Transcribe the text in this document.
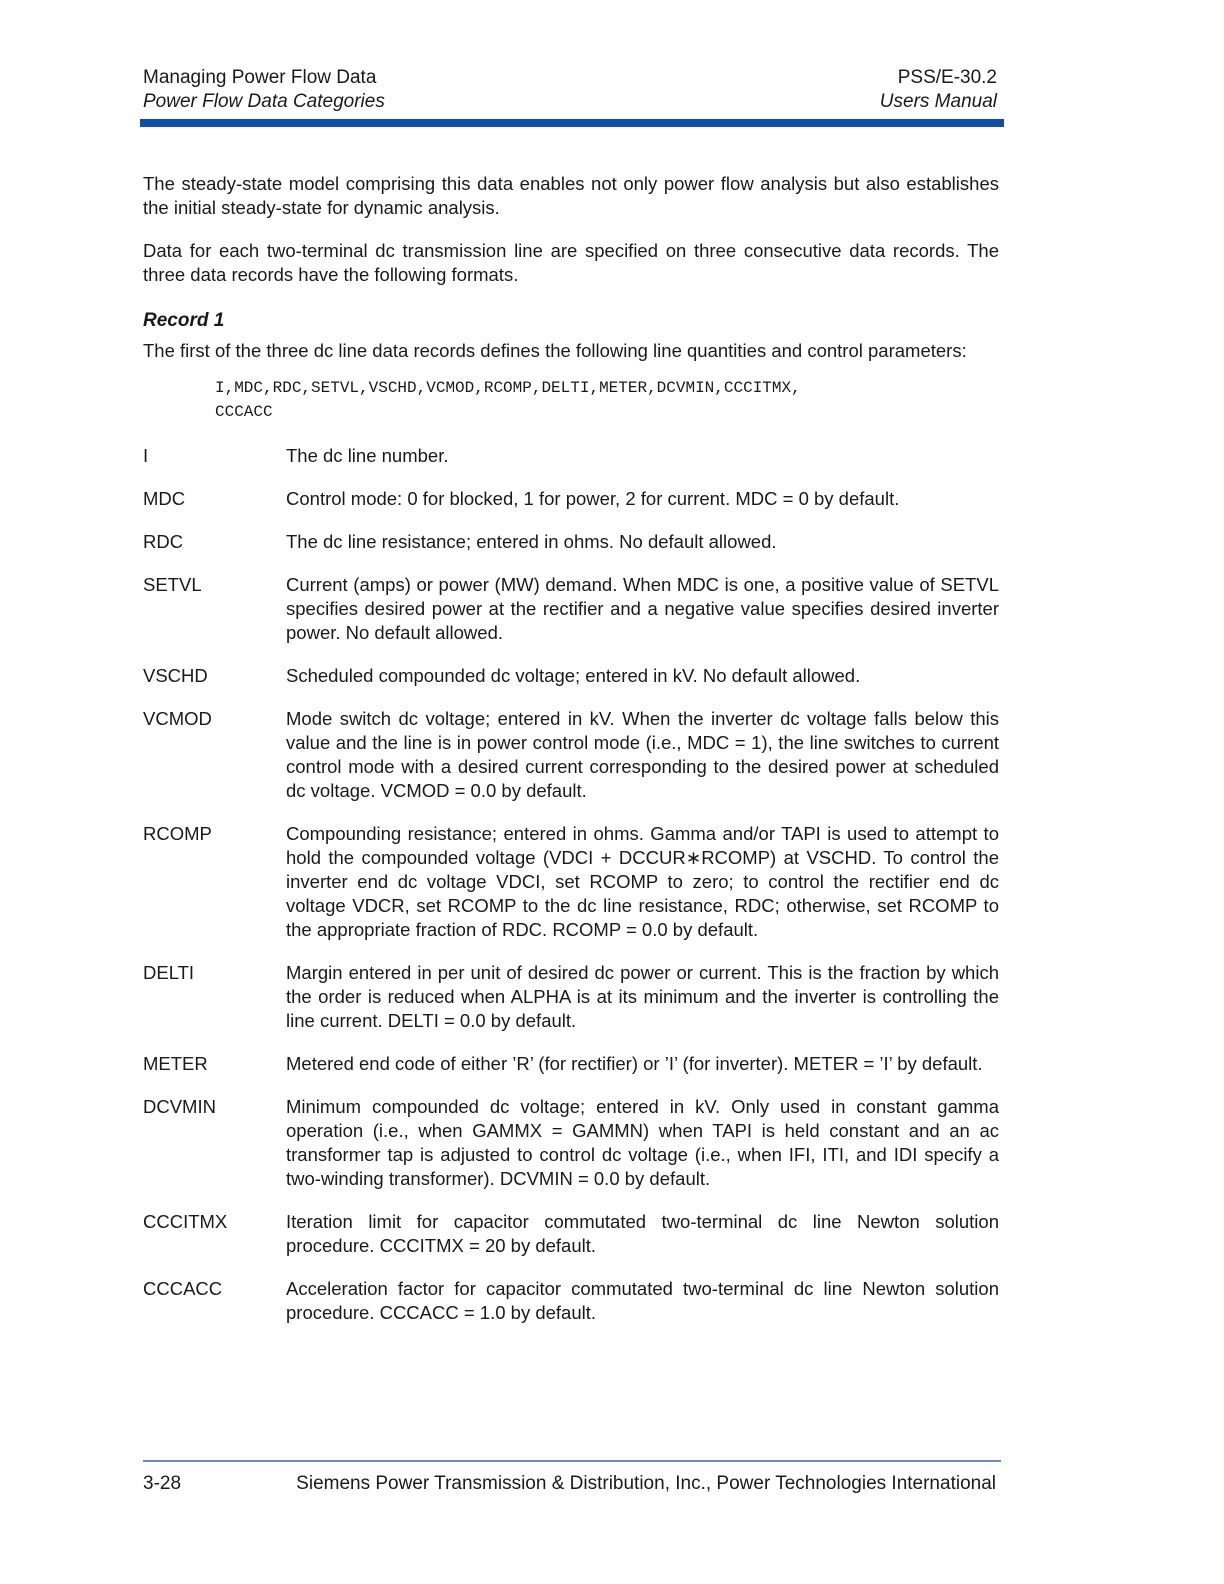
Managing Power Flow Data
Power Flow Data Categories
PSS/E-30.2
Users Manual

The steady-state model comprising this data enables not only power flow analysis but also establishes the initial steady-state for dynamic analysis.

Data for each two-terminal dc transmission line are specified on three consecutive data records. The three data records have the following formats.

Record 1

The first of the three dc line data records defines the following line quantities and control parameters:

I,MDC,RDC,SETVL,VSCHD,VCMOD,RCOMP,DELTI,METER,DCVMIN,CCCITMX,
CCCACC
I	The dc line number.
MDC	Control mode: 0 for blocked, 1 for power, 2 for current. MDC = 0 by default.
RDC	The dc line resistance; entered in ohms. No default allowed.
SETVL	Current (amps) or power (MW) demand. When MDC is one, a positive value of SETVL specifies desired power at the rectifier and a negative value specifies desired inverter power. No default allowed.
VSCHD	Scheduled compounded dc voltage; entered in kV. No default allowed.
VCMOD	Mode switch dc voltage; entered in kV. When the inverter dc voltage falls below this value and the line is in power control mode (i.e., MDC = 1), the line switches to current control mode with a desired current corresponding to the desired power at scheduled dc voltage. VCMOD = 0.0 by default.
RCOMP	Compounding resistance; entered in ohms. Gamma and/or TAPI is used to attempt to hold the compounded voltage (VDCI + DCCUR∗RCOMP) at VSCHD. To control the inverter end dc voltage VDCI, set RCOMP to zero; to control the rectifier end dc voltage VDCR, set RCOMP to the dc line resistance, RDC; otherwise, set RCOMP to the appropriate fraction of RDC. RCOMP = 0.0 by default.
DELTI	Margin entered in per unit of desired dc power or current. This is the fraction by which the order is reduced when ALPHA is at its minimum and the inverter is controlling the line current. DELTI = 0.0 by default.
METER	Metered end code of either ’R’ (for rectifier) or ’I’ (for inverter). METER = ’I’ by default.
DCVMIN	Minimum compounded dc voltage; entered in kV. Only used in constant gamma operation (i.e., when GAMMX = GAMMN) when TAPI is held constant and an ac transformer tap is adjusted to control dc voltage (i.e., when IFI, ITI, and IDI specify a two-winding transformer). DCVMIN = 0.0 by default.
CCCITMX	Iteration limit for capacitor commutated two-terminal dc line Newton solution procedure. CCCITMX = 20 by default.
CCCACC	Acceleration factor for capacitor commutated two-terminal dc line Newton solution procedure. CCCACC = 1.0 by default.
3-28	Siemens Power Transmission & Distribution, Inc., Power Technologies International
